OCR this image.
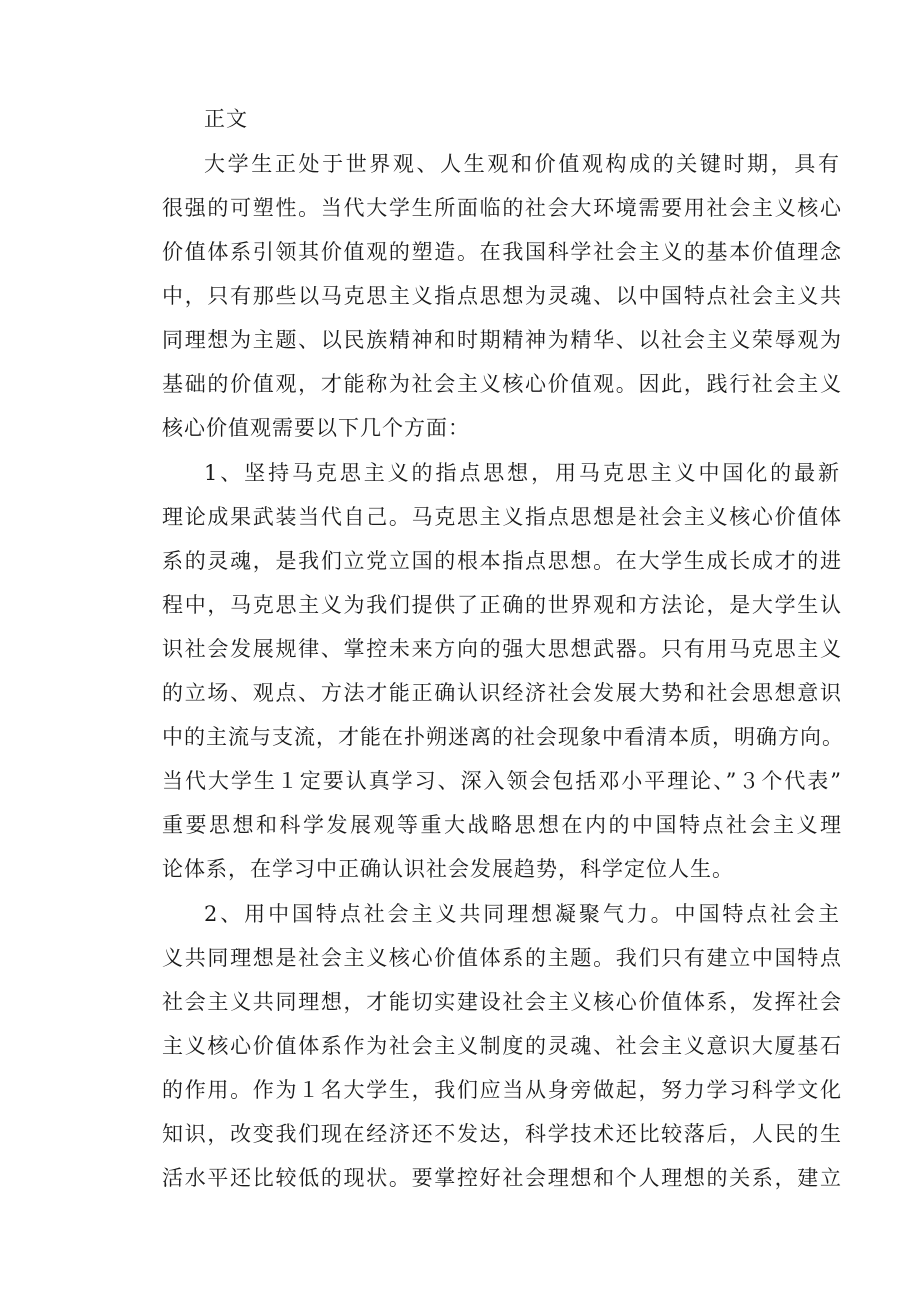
正文

大学生正处于世界观、人生观和价值观构成的关键时期，具有

很强的可塑性。当代大学生所面临的社会大环境需要用社会主义核心

价值体系引领其价值观的塑造。在我国科学社会主义的基本价值理念

中，只有那些以马克思主义指点思想为灵魂、以中国特点社会主义共

同理想为主题、以民族精神和时期精神为精华、以社会主义荣辱观为

基础的价值观，才能称为社会主义核心价值观。因此，践行社会主义

核心价值观需要以下几个方面：

1、坚持马克思主义的指点思想，用马克思主义中国化的最新

理论成果武装当代自己。马克思主义指点思想是社会主义核心价值体

系的灵魂，是我们立党立国的根本指点思想。在大学生成长成才的进

程中，马克思主义为我们提供了正确的世界观和方法论，是大学生认

识社会发展规律、掌控未来方向的强大思想武器。只有用马克思主义

的立场、观点、方法才能正确认识经济社会发展大势和社会思想意识

中的主流与支流，才能在扑朔迷离的社会现象中看清本质，明确方向。

当代大学生１定要认真学习、深入领会包括邓小平理论、”３个代表”

重要思想和科学发展观等重大战略思想在内的中国特点社会主义理

论体系，在学习中正确认识社会发展趋势，科学定位人生。

2、用中国特点社会主义共同理想凝聚气力。中国特点社会主

义共同理想是社会主义核心价值体系的主题。我们只有建立中国特点

社会主义共同理想，才能切实建设社会主义核心价值体系，发挥社会

主义核心价值体系作为社会主义制度的灵魂、社会主义意识大厦基石

的作用。作为１名大学生，我们应当从身旁做起，努力学习科学文化

知识，改变我们现在经济还不发达，科学技术还比较落后，人民的生

活水平还比较低的现状。要掌控好社会理想和个人理想的关系，建立
